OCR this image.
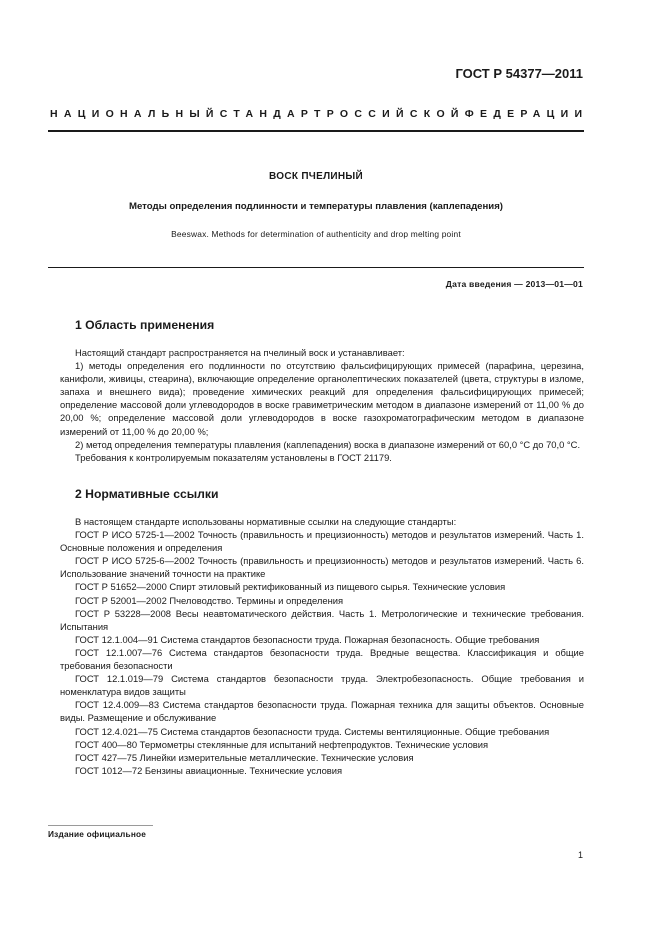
ГОСТ Р 54377—2011
НАЦИОНАЛЬНЫЙ СТАНДАРТ РОССИЙСКОЙ ФЕДЕРАЦИИ
ВОСК ПЧЕЛИНЫЙ
Методы определения подлинности и температуры плавления (каплепадения)
Beeswax. Methods for determination of authenticity and drop melting point
Дата введения — 2013—01—01
1 Область применения

Настоящий стандарт распространяется на пчелиный воск и устанавливает:

1) методы определения его подлинности по отсутствию фальсифицирующих примесей (парафина, церезина, канифоли, живицы, стеарина), включающие определение органолептических показателей (цвета, структуры в изломе, запаха и внешнего вида); проведение химических реакций для определения фальсифицирующих примесей; определение массовой доли углеводородов в воске гравиметрическим методом в диапазоне измерений от 11,00 % до 20,00 %; определение массовой доли углеводородов в воске газохроматографическим методом в диапазоне измерений от 11,00 % до 20,00 %;

2) метод определения температуры плавления (каплепадения) воска в диапазоне измерений от 60,0 °С до 70,0 °С.

Требования к контролируемым показателям установлены в ГОСТ 21179.

2 Нормативные ссылки

В настоящем стандарте использованы нормативные ссылки на следующие стандарты:

ГОСТ Р ИСО 5725-1—2002 Точность (правильность и прецизионность) методов и результатов измерений. Часть 1. Основные положения и определения

ГОСТ Р ИСО 5725-6—2002 Точность (правильность и прецизионность) методов и результатов измерений. Часть 6. Использование значений точности на практике

ГОСТ Р 51652—2000 Спирт этиловый ректификованный из пищевого сырья. Технические условия

ГОСТ Р 52001—2002 Пчеловодство. Термины и определения

ГОСТ Р 53228—2008 Весы неавтоматического действия. Часть 1. Метрологические и технические требования. Испытания

ГОСТ 12.1.004—91 Система стандартов безопасности труда. Пожарная безопасность. Общие требования

ГОСТ 12.1.007—76 Система стандартов безопасности труда. Вредные вещества. Классификация и общие требования безопасности

ГОСТ 12.1.019—79 Система стандартов безопасности труда. Электробезопасность. Общие требования и номенклатура видов защиты

ГОСТ 12.4.009—83 Система стандартов безопасности труда. Пожарная техника для защиты объектов. Основные виды. Размещение и обслуживание

ГОСТ 12.4.021—75 Система стандартов безопасности труда. Системы вентиляционные. Общие требования

ГОСТ 400—80 Термометры стеклянные для испытаний нефтепродуктов. Технические условия

ГОСТ 427—75 Линейки измерительные металлические. Технические условия

ГОСТ 1012—72 Бензины авиационные. Технические условия

Издание официальное
1
